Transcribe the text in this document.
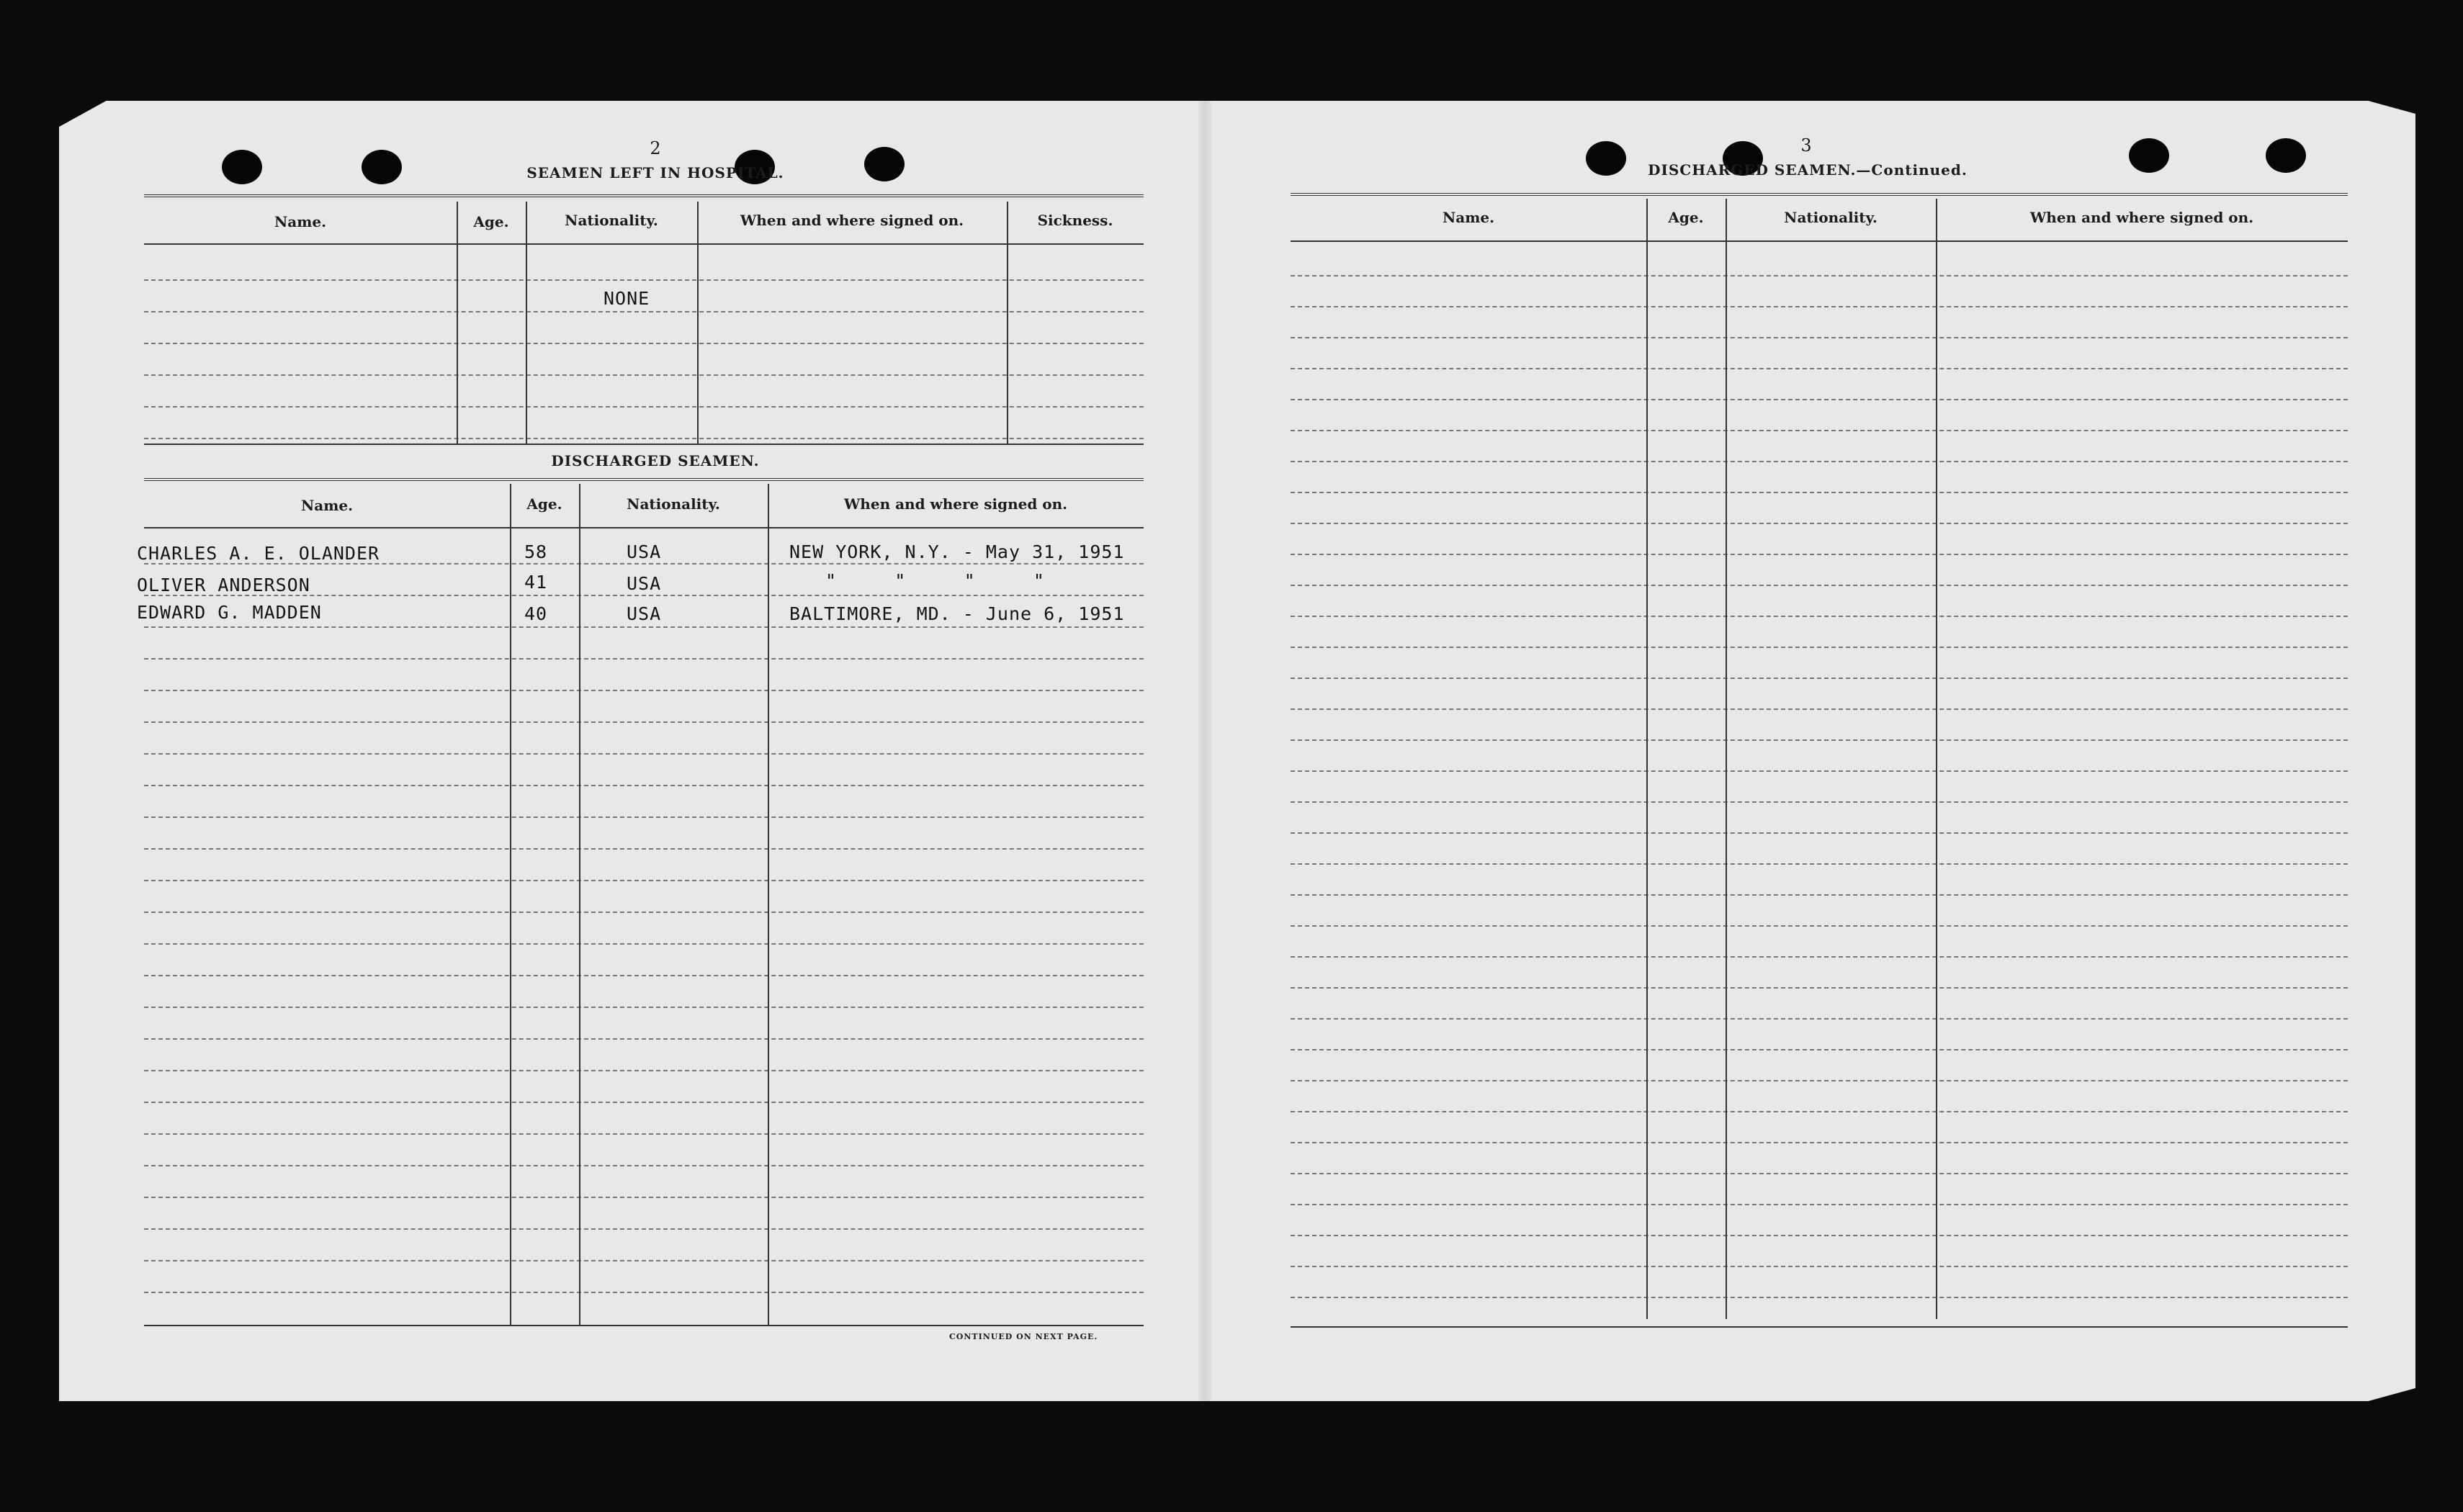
2
SEAMEN LEFT IN HOSPITAL.
Name.	Age.	Nationality.	When and where signed on.	Sickness.
NONE
DISCHARGED SEAMEN.
Name.	Age.	Nationality.	When and where signed on.
CHARLES A. E. OLANDER	58	USA	NEW YORK, N.Y. - May 31, 1951
OLIVER ANDERSON	41	USA	"     "     "     "
EDWARD G. MADDEN	40	USA	BALTIMORE, MD. - June 6, 1951
CONTINUED ON NEXT PAGE.
3
DISCHARGED SEAMEN.—Continued.
Name.	Age.	Nationality.	When and where signed on.
